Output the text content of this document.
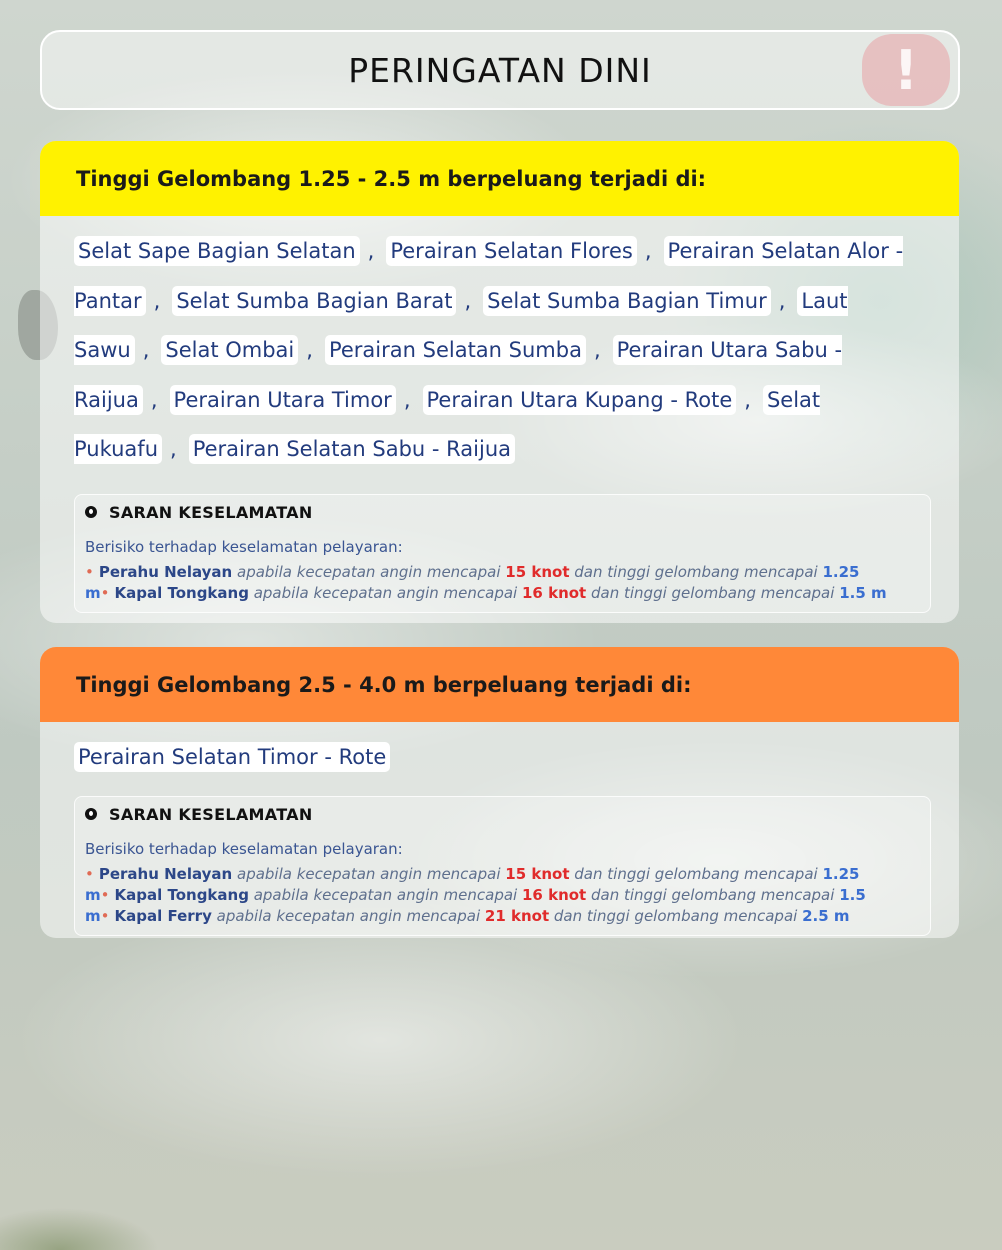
PERINGATAN DINI	!
Tinggi Gelombang 1.25 - 2.5 m berpeluang terjadi di:
Selat Sape Bagian Selatan , Perairan Selatan Flores , Perairan Selatan Alor - Pantar , Selat Sumba Bagian Barat , Selat Sumba Bagian Timur , Laut Sawu , Selat Ombai , Perairan Selatan Sumba , Perairan Utara Sabu - Raijua , Perairan Utara Timor , Perairan Utara Kupang - Rote , Selat Pukuafu , Perairan Selatan Sabu - Raijua
SARAN KESELAMATAN
Berisiko terhadap keselamatan pelayaran:
• Perahu Nelayan apabila kecepatan angin mencapai 15 knot dan tinggi gelombang mencapai 1.25 m• Kapal Tongkang apabila kecepatan angin mencapai 16 knot dan tinggi gelombang mencapai 1.5 m
Tinggi Gelombang 2.5 - 4.0 m berpeluang terjadi di:
Perairan Selatan Timor - Rote
SARAN KESELAMATAN
Berisiko terhadap keselamatan pelayaran:
• Perahu Nelayan apabila kecepatan angin mencapai 15 knot dan tinggi gelombang mencapai 1.25 m• Kapal Tongkang apabila kecepatan angin mencapai 16 knot dan tinggi gelombang mencapai 1.5 m• Kapal Ferry apabila kecepatan angin mencapai 21 knot dan tinggi gelombang mencapai 2.5 m
